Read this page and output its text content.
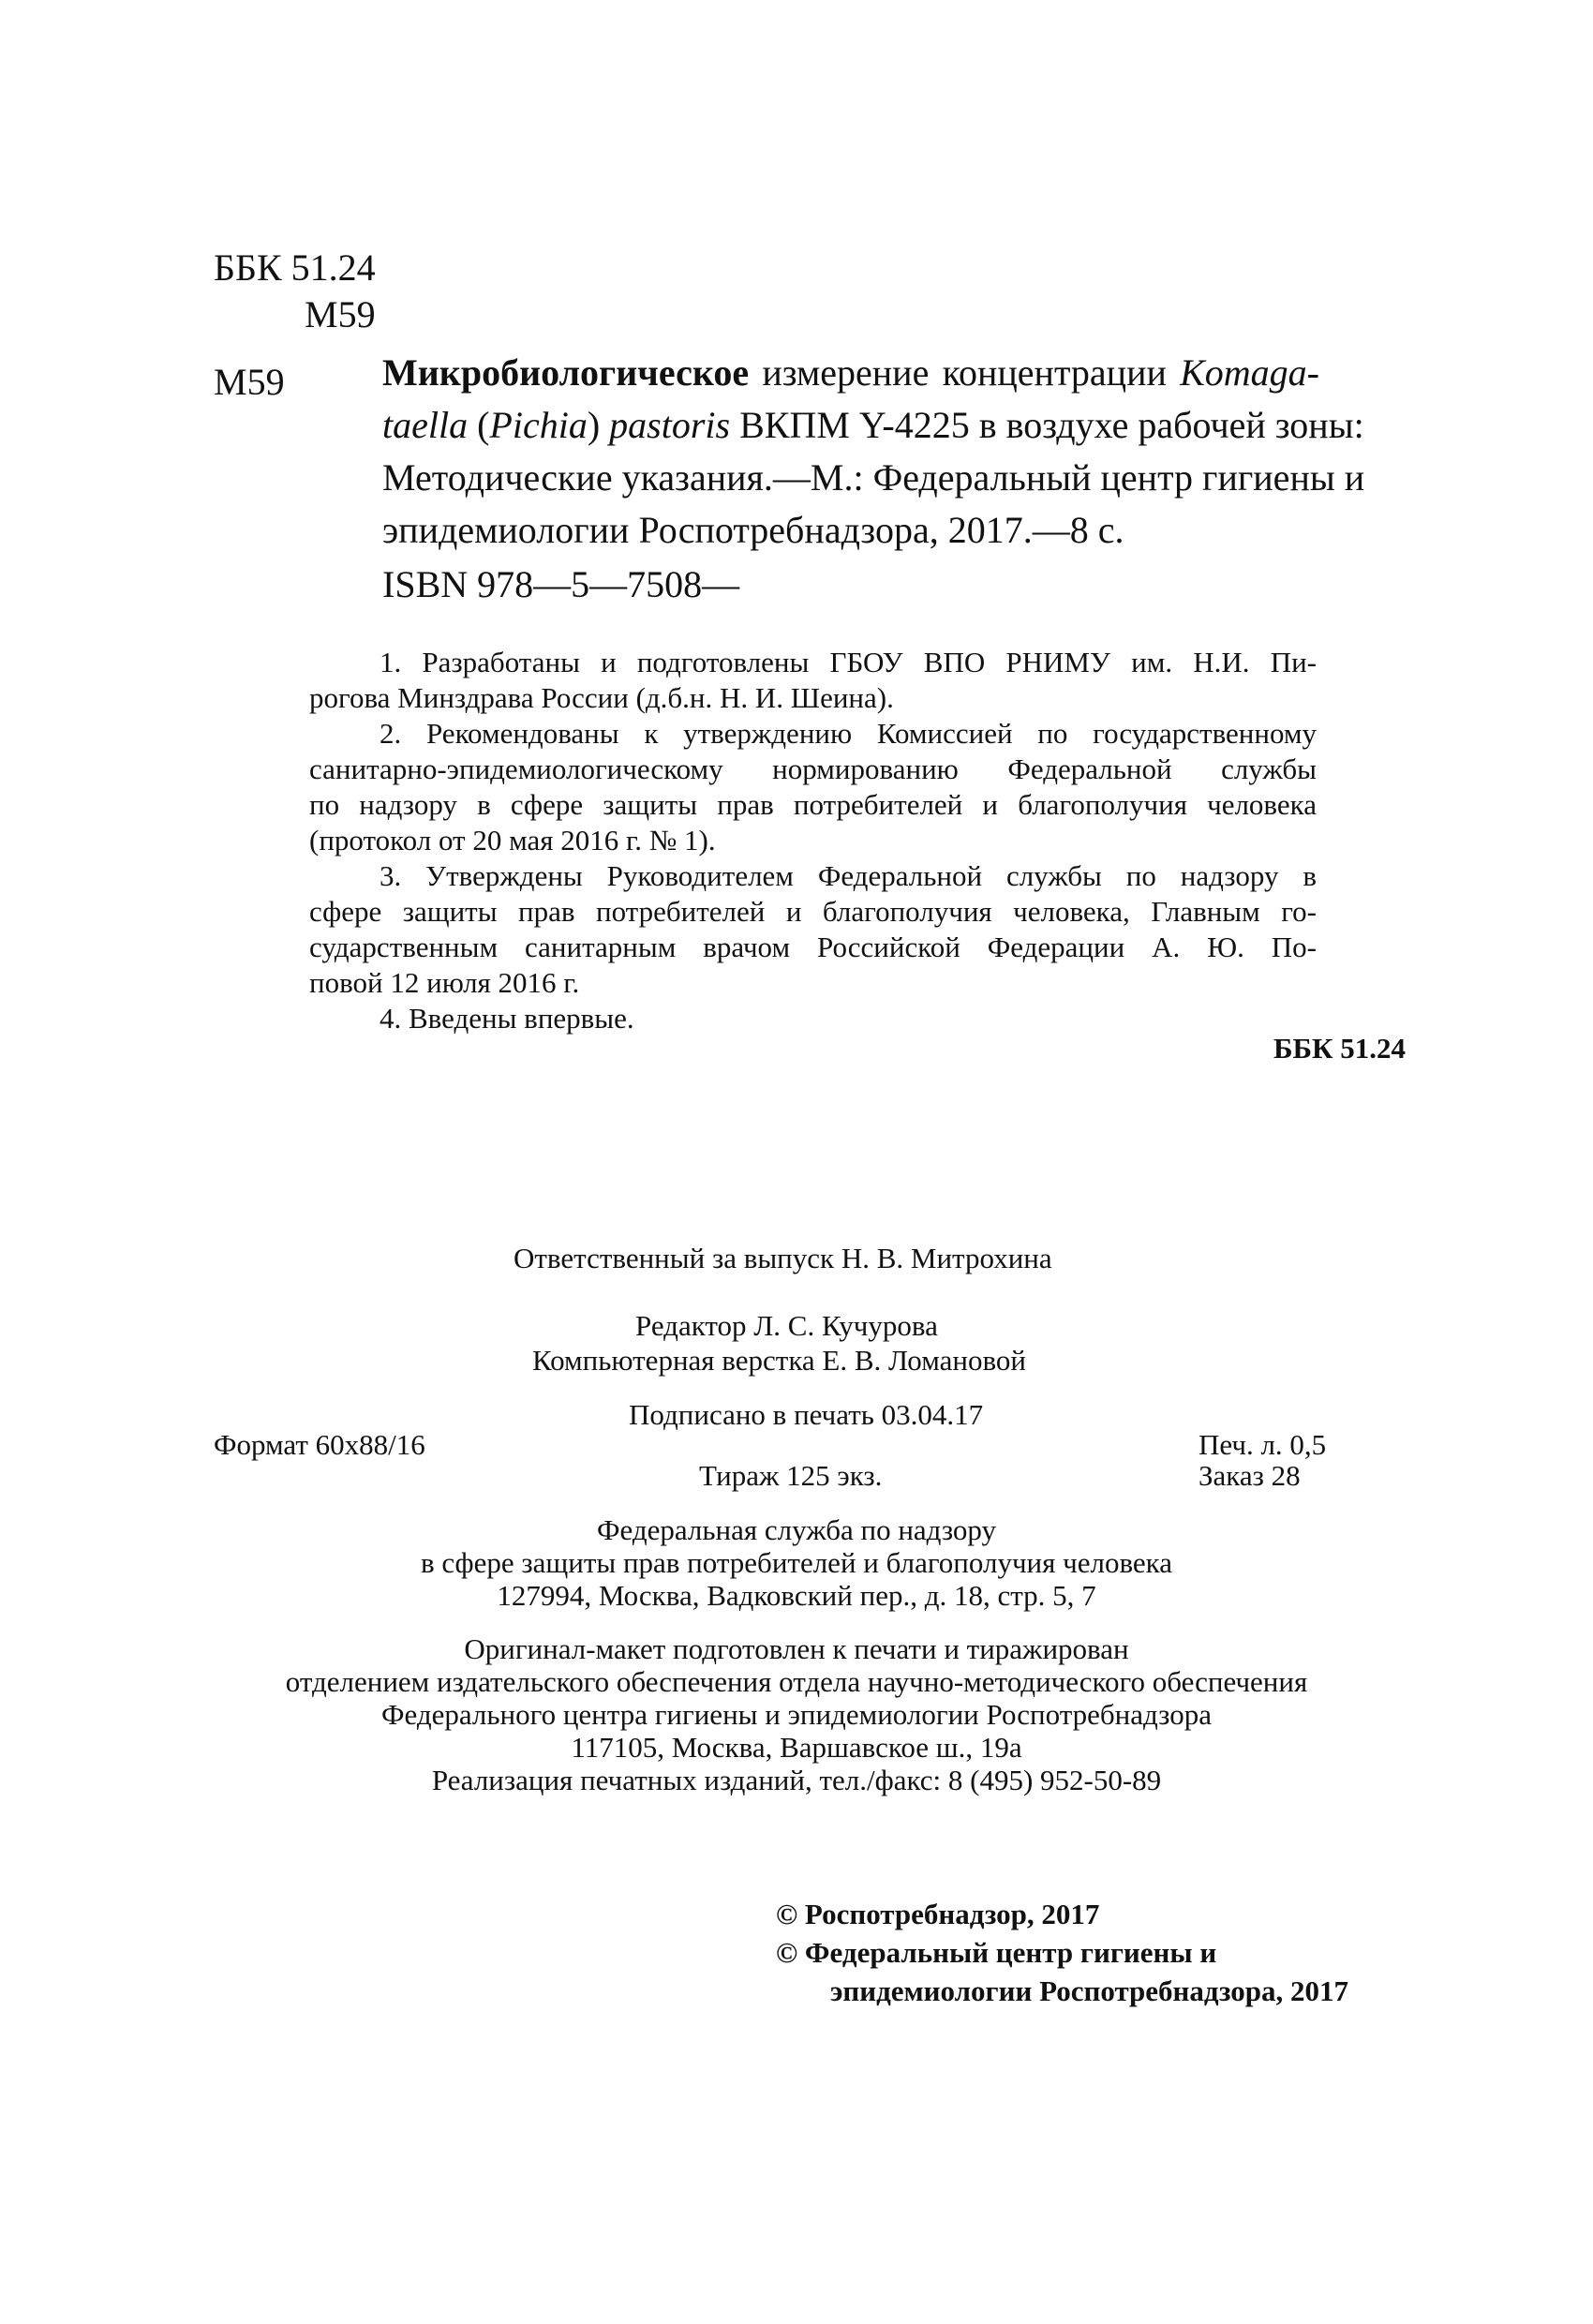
ББК 51.24
М59
М59	Микробиологическое измерение концентрации Komaga-
taella (Pichia) pastoris ВКПМ Y-4225 в воздухе рабочей зоны:
Методические указания.—М.: Федеральный центр гигиены и
эпидемиологии Роспотребнадзора, 2017.—8 с.
ISBN 978—5—7508—
1. Разработаны и подготовлены ГБОУ ВПО РНИМУ им. Н.И. Пи-
рогова Минздрава России (д.б.н. Н. И. Шеина).
2. Рекомендованы к утверждению Комиссией по государственному
санитарно-эпидемиологическому нормированию Федеральной службы
по надзору в сфере защиты прав потребителей и благополучия человека
(протокол от 20 мая 2016 г. № 1).
3. Утверждены Руководителем Федеральной службы по надзору в
сфере защиты прав потребителей и благополучия человека, Главным го-
сударственным санитарным врачом Российской Федерации А. Ю. По-
повой 12 июля 2016 г.
4. Введены впервые.
ББК 51.24
Ответственный за выпуск Н. В. Митрохина
Редактор Л. С. Кучурова
Компьютерная верстка Е. В. Ломановой
Подписано в печать 03.04.17
Формат 60x88/16	Печ. л. 0,5
Тираж 125 экз.	Заказ 28
Федеральная служба по надзору
в сфере защиты прав потребителей и благополучия человека
127994, Москва, Вадковский пер., д. 18, стр. 5, 7
Оригинал-макет подготовлен к печати и тиражирован
отделением издательского обеспечения отдела научно-методического обеспечения
Федерального центра гигиены и эпидемиологии Роспотребнадзора
117105, Москва, Варшавское ш., 19а
Реализация печатных изданий, тел./факс: 8 (495) 952-50-89
© Роспотребнадзор, 2017
© Федеральный центр гигиены и
эпидемиологии Роспотребнадзора, 2017
